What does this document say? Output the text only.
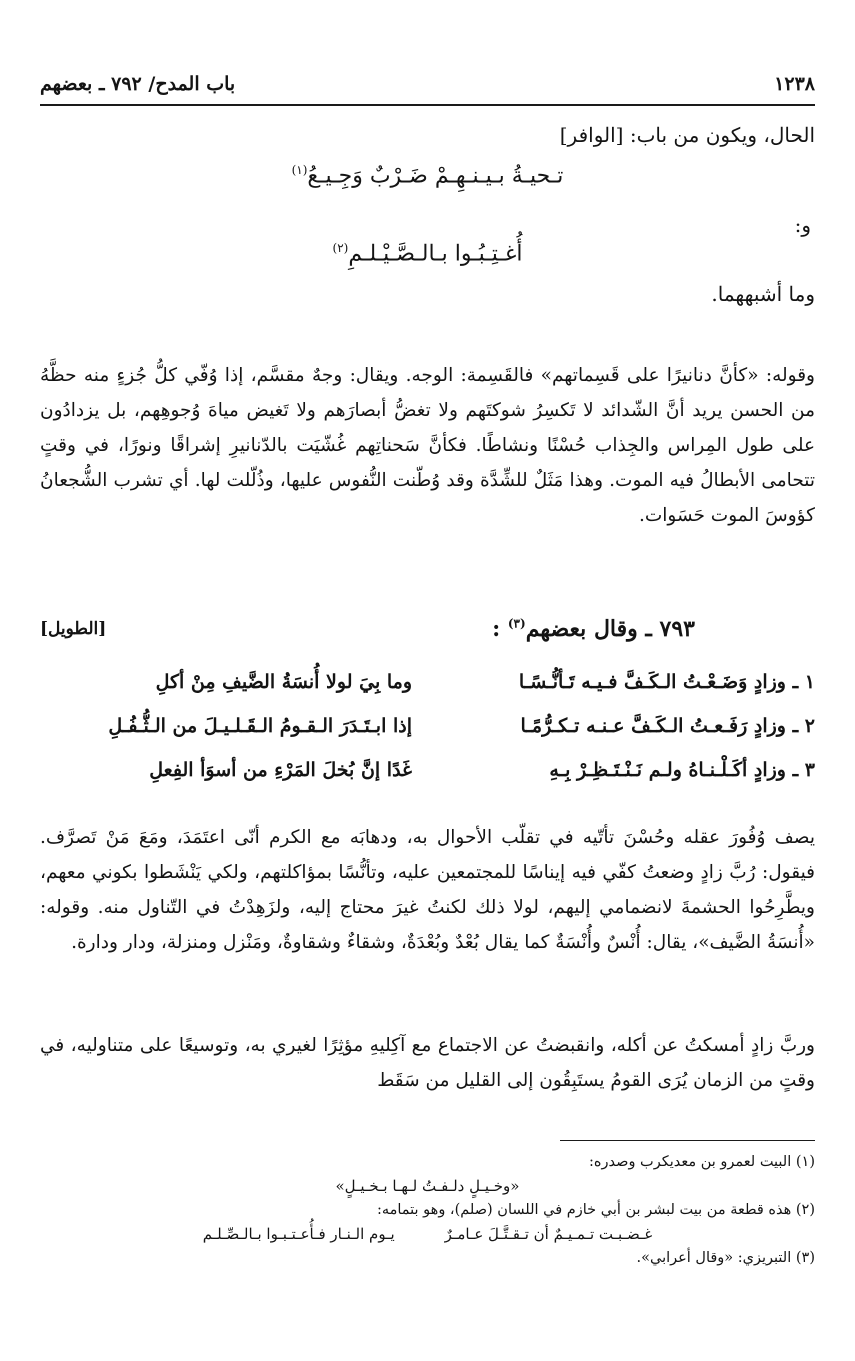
١٢٣٨
باب المدح/ ٧٩٢ ـ بعضهم
الحال، ويكون من باب: [الوافر]
تـحيـةُ بـيـنـهِـمْ ضَـرْبٌ وَجِـيـعُ$^{(١)}$
و:
أُغـتِـبُـوا بـالـصَّـيْـلـمِ$^{(٢)}$
وما أشبههما.
وقوله: «كأنَّ دنانيرًا على قَسِماتهم» فالقَسِمة: الوجه. ويقال: وجهٌ مقسَّم، إذا وُفّي كلُّ جُزءٍ منه حظَّهُ من الحسن يريد أنَّ الشّدائد لا تَكسِرُ شوكتَهم ولا تغضُّ أبصارَهم ولا تَغيض مياهَ وُجوهِهم، بل يزدادُون على طول المِراس والجِذاب حُسْنًا ونشاطًا. فكأنَّ سَحناتِهم غُشّيَت بالدّنانيرِ إشراقًا ونورًا، في وقتٍ تتحامى الأبطالُ فيه الموت. وهذا مَثَلٌ للشِّدَّة وقد وُطّنت النُّفوس عليها، وذُلّلت لها. أي تشرب الشُّجعانُ كؤوسَ الموت حَسَوات.
٧٩٣ ـ وقال بعضهم$^{(٣)}$ :
[الطويل]
١ ـ وزادٍ وَضَـعْـتُ الـكَـفَّ فـيـه تَـأنُّـسًـا
وما بِيَ لولا أُنسَةُ الضَّيفِ مِنْ أكلِ
٢ ـ وزادٍ رَفَـعـتُ الـكَـفَّ عـنـه تـكـرُّمًـا
إذا ابـتَـدَرَ الـقـومُ الـقَـلـيـلَ من الـثُّـفُـلِ
٣ ـ وزادٍ أكَـلْـنـاهُ ولـم نَـنْـتَـظِـرْ بِـهِ
غَدًا إنَّ بُخلَ المَرْءِ من أسوَأ الفِعلِ
يصف وُفُورَ عقله وحُسْنَ تأتّيه في تقلّب الأحوال به، ودهابَه مع الكرم أنّى اعتَمَدَ، ومَعَ مَنْ تَصرَّف. فيقول: رُبَّ زادٍ وضعتُ كفّي فيه إيناسًا للمجتمعين عليه، وتأنُّسًا بمؤاكلتهم، ولكي يَنْشَطوا بكوني معهم، ويطَّرِحُوا الحشمةَ لانضمامي إليهم، لولا ذلك لكنتُ غيرَ محتاج إليه، ولزَهِدْتُ في التّناول منه. وقوله: «أُنسَةُ الضَّيف»، يقال: أُنْسٌ وأُنْسَةٌ كما يقال بُعْدٌ وبُعْدَةٌ، وشقاءٌ وشقاوةٌ، ومَنْزل ومنزلة، ودار ودارة.
وربَّ زادٍ أمسكتُ عن أكله، وانقبضتُ عن الاجتماع مع آكِليهِ مؤثِرًا لغيري به، وتوسيعًا على متناوليه، في وقتٍ من الزمان يُرَى القومُ يستَبِقُون إلى القليل من سَقَط
(١) البيت لعمرو بن معديكرب وصدره:
«وخـيـلٍ دلـفـتُ لـهـا بـخـيـلٍ»
(٢) هذه قطعة من بيت لبشر بن أبي خازم في اللسان (صلم)، وهو بتمامه:
غـضـبـت تـمـيـمٌ أن تـقـتَّـلَ عـامـرٌ
يـوم الـنـار فـأُعـتـبـوا بـالـصِّـلـم
(٣) التبريزي: «وقال أعرابي».
